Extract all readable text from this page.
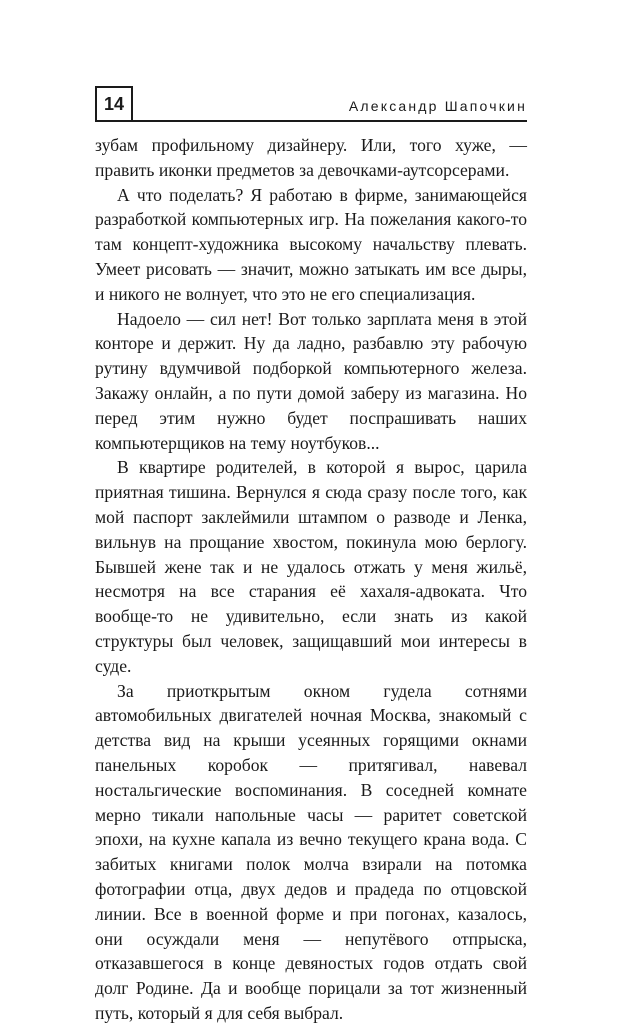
14	Александр Шапочкин

зубам профильному дизайнеру. Или, того хуже, — править иконки предметов за девочками-аутсорсерами.

А что поделать? Я работаю в фирме, занимающейся разработкой компьютерных игр. На пожелания какого-то там концепт-художника высокому начальству плевать. Умеет рисовать — значит, можно затыкать им все дыры, и никого не волнует, что это не его специализация.

Надоело — сил нет! Вот только зарплата меня в этой конторе и держит. Ну да ладно, разбавлю эту рабочую рутину вдумчивой подборкой компьютерного железа. Закажу онлайн, а по пути домой заберу из магазина. Но перед этим нужно будет поспрашивать наших компьютерщиков на тему ноутбуков...

В квартире родителей, в которой я вырос, царила приятная тишина. Вернулся я сюда сразу после того, как мой паспорт заклеймили штампом о разводе и Ленка, вильнув на прощание хвостом, покинула мою берлогу. Бывшей жене так и не удалось отжать у меня жильё, несмотря на все старания её хахаля-адвоката. Что вообще-то не удивительно, если знать из какой структуры был человек, защищавший мои интересы в суде.

За приоткрытым окном гудела сотнями автомобильных двигателей ночная Москва, знакомый с детства вид на крыши усеянных горящими окнами панельных коробок — притягивал, навевал ностальгические воспоминания. В соседней комнате мерно тикали напольные часы — раритет советской эпохи, на кухне капала из вечно текущего крана вода. С забитых книгами полок молча взирали на потомка фотографии отца, двух дедов и прадеда по отцовской линии. Все в военной форме и при погонах, казалось, они осуждали меня — непутёвого отпрыска, отказавшегося в конце девяностых годов отдать свой долг Родине. Да и вообще порицали за тот жизненный путь, который я для себя выбрал.
